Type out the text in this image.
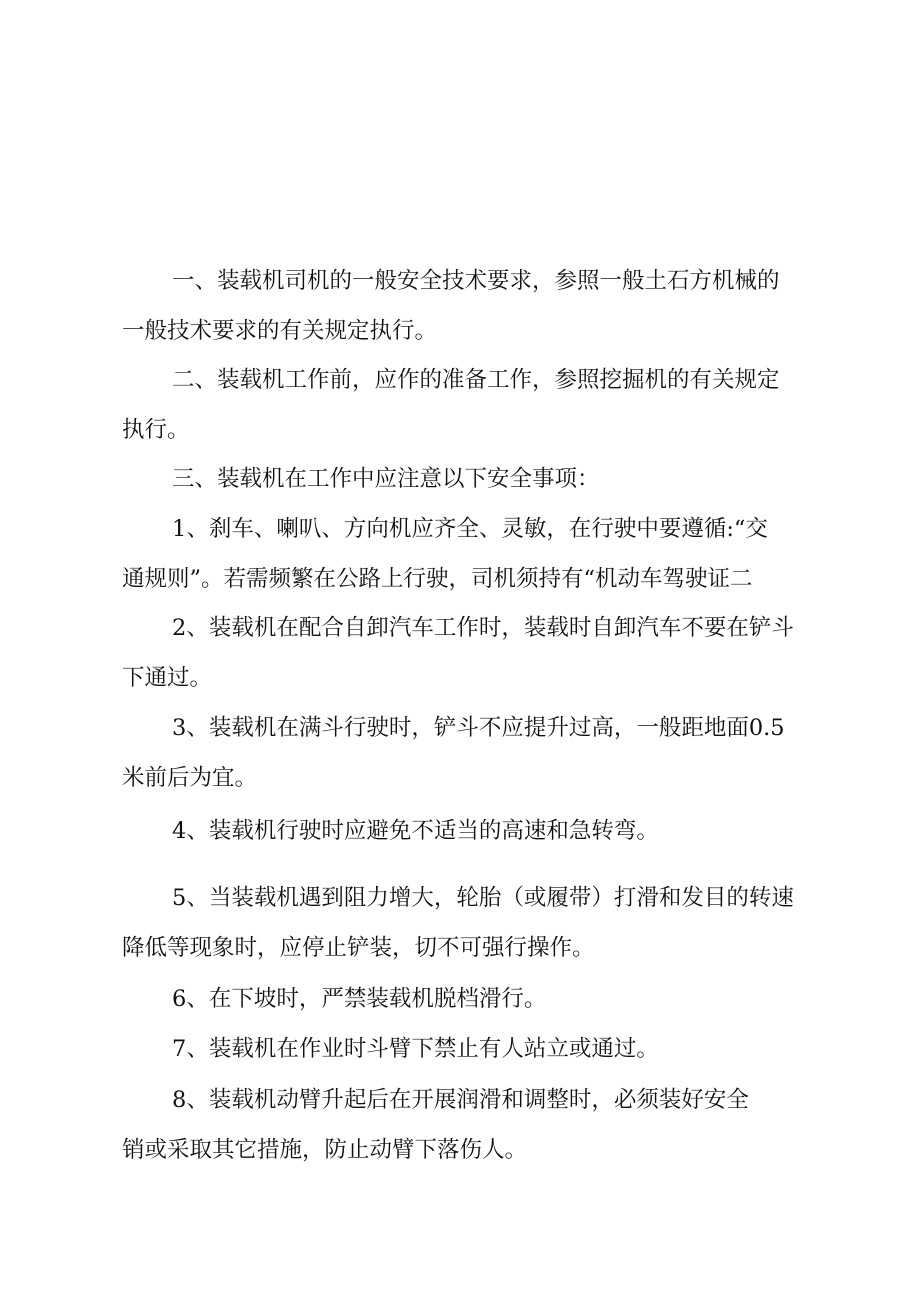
一、装载机司机的一般安全技术要求，参照一般土石方机械的
一般技术要求的有关规定执行。

二、装载机工作前，应作的准备工作，参照挖掘机的有关规定
执行。

三、装载机在工作中应注意以下安全事项：

1、刹车、喇叭、方向机应齐全、灵敏，在行驶中要遵循:“交
通规则”。若需频繁在公路上行驶，司机须持有“机动车驾驶证二

2、装载机在配合自卸汽车工作时，装载时自卸汽车不要在铲斗
下通过。

3、装载机在满斗行驶时，铲斗不应提升过高，一般距地面0.5
米前后为宜。

4、装载机行驶时应避免不适当的高速和急转弯。

5、当装载机遇到阻力增大，轮胎（或履带）打滑和发目的转速
降低等现象时，应停止铲装，切不可强行操作。

6、在下坡时，严禁装载机脱档滑行。

7、装载机在作业时斗臂下禁止有人站立或通过。

8、装载机动臂升起后在开展润滑和调整时，必须装好安全
销或采取其它措施，防止动臂下落伤人。
